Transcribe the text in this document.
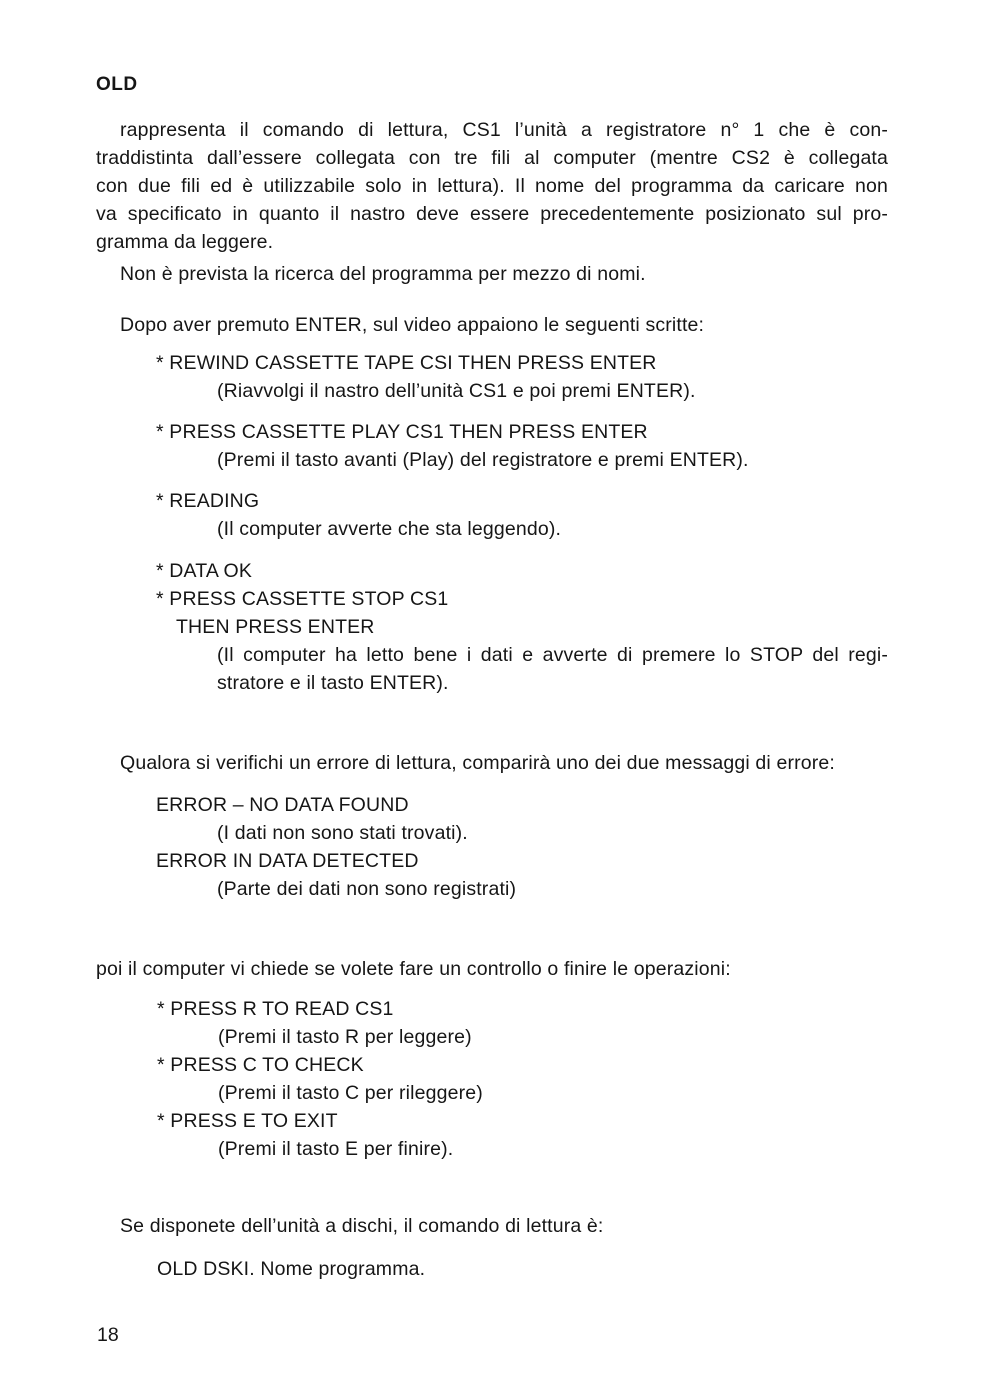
OLD
rappresenta il comando di lettura, CS1 l’unità a registratore n° 1 che è con-
traddistinta dall’essere collegata con tre fili al computer (mentre CS2 è collegata
con due fili ed è utilizzabile solo in lettura). Il nome del programma da caricare non
va specificato in quanto il nastro deve essere precedentemente posizionato sul pro-
gramma da leggere.
Non è prevista la ricerca del programma per mezzo di nomi.
Dopo aver premuto ENTER, sul video appaiono le seguenti scritte:
* REWIND CASSETTE TAPE CSI THEN PRESS ENTER
(Riavvolgi il nastro dell’unità CS1 e poi premi ENTER).
* PRESS CASSETTE PLAY CS1 THEN PRESS ENTER
(Premi il tasto avanti (Play) del registratore e premi ENTER).
* READING
(Il computer avverte che sta leggendo).
* DATA OK
* PRESS CASSETTE STOP CS1
THEN PRESS ENTER
(Il computer ha letto bene i dati e avverte di premere lo STOP del regi-
stratore e il tasto ENTER).
Qualora si verifichi un errore di lettura, comparirà uno dei due messaggi di errore:
ERROR – NO DATA FOUND
(I dati non sono stati trovati).
ERROR IN DATA DETECTED
(Parte dei dati non sono registrati)
poi il computer vi chiede se volete fare un controllo o finire le operazioni:
* PRESS R TO READ CS1
(Premi il tasto R per leggere)
* PRESS C TO CHECK
(Premi il tasto C per rileggere)
* PRESS E TO EXIT
(Premi il tasto E per finire).
Se disponete dell’unità a dischi, il comando di lettura è:
OLD DSKI. Nome programma.
18
